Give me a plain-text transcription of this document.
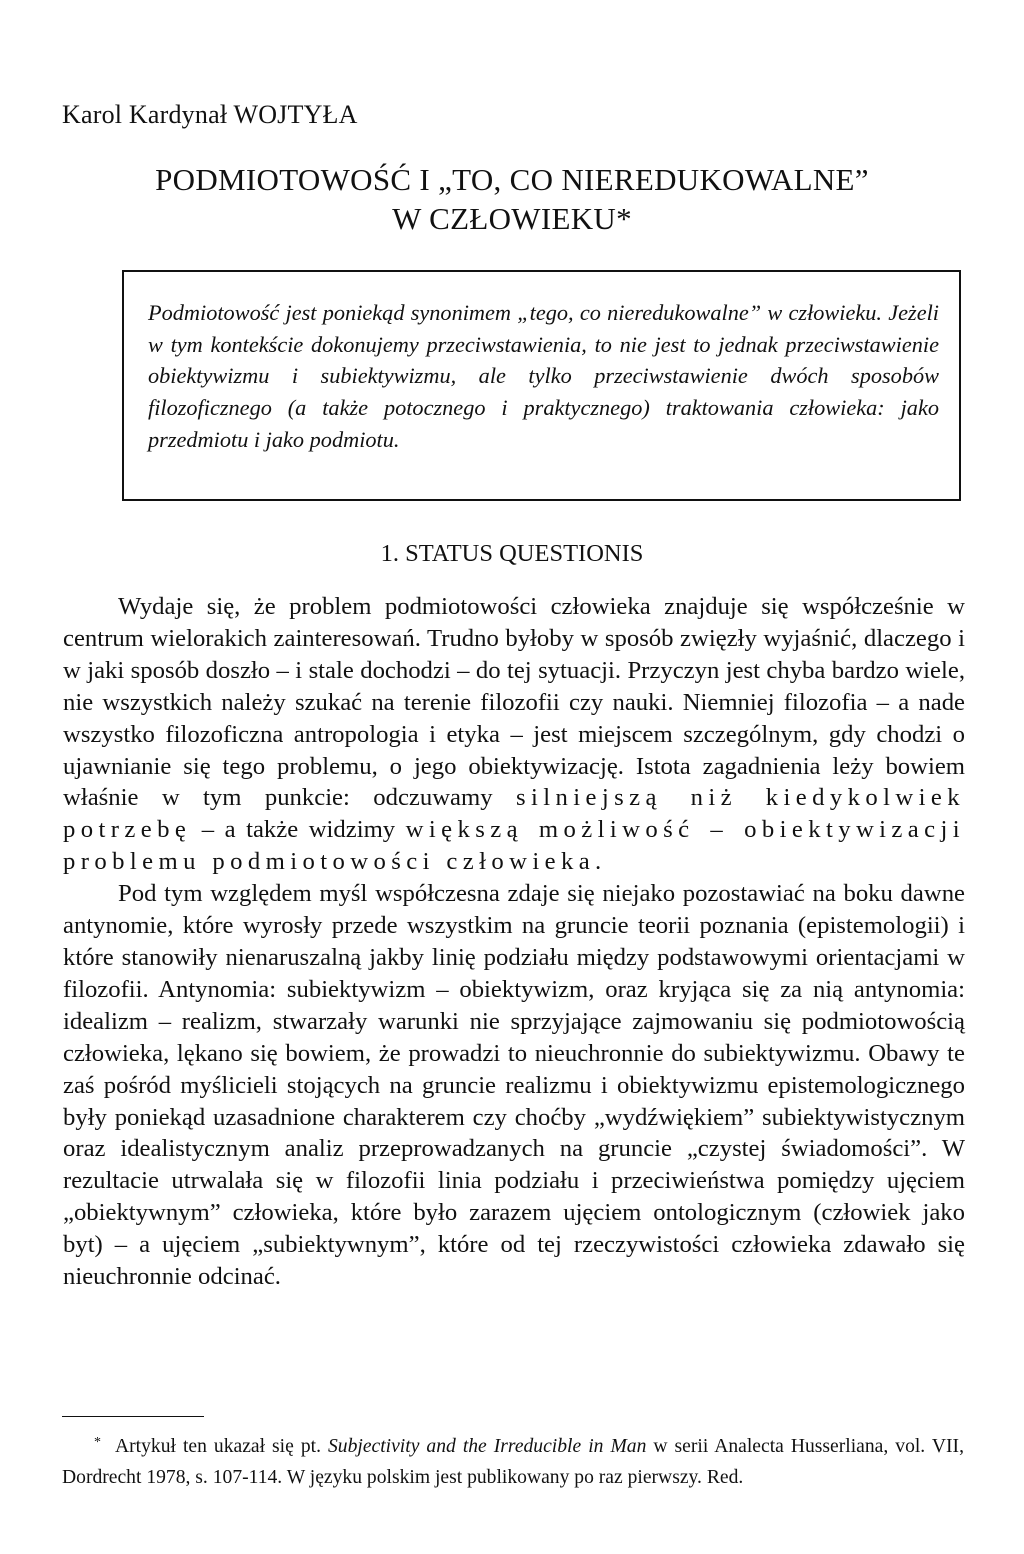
Karol Kardynał WOJTYŁA
PODMIOTOWOŚĆ I „TO, CO NIEREDUKOWALNE”
W CZŁOWIEKU*

Podmiotowość jest poniekąd synonimem „tego, co nieredukowalne” w człowieku. Jeżeli w tym kontekście dokonujemy przeciwstawienia, to nie jest to jednak przeciwstawienie obiektywizmu i subiektywizmu, ale tylko przeciwstawienie dwóch sposobów filozoficznego (a także potocznego i praktycznego) traktowania człowieka: jako przedmiotu i jako podmiotu.

1. STATUS QUESTIONIS

Wydaje się, że problem podmiotowości człowieka znajduje się współcześnie w centrum wielorakich zainteresowań. Trudno byłoby w sposób zwięzły wyjaśnić, dlaczego i w jaki sposób doszło – i stale dochodzi – do tej sytuacji. Przyczyn jest chyba bardzo wiele, nie wszystkich należy szukać na terenie filozofii czy nauki. Niemniej filozofia – a nade wszystko filozoficzna antropologia i etyka – jest miejscem szczególnym, gdy chodzi o ujawnianie się tego problemu, o jego obiektywizację. Istota zagadnienia leży bowiem właśnie w tym punkcie: odczuwamy silniejszą niż kiedykolwiek potrzebę – a także widzimy większą możliwość – obiektywizacji problemu podmiotowości człowieka.

Pod tym względem myśl współczesna zdaje się niejako pozostawiać na boku dawne antynomie, które wyrosły przede wszystkim na gruncie teorii poznania (epistemologii) i które stanowiły nienaruszalną jakby linię podziału między podstawowymi orientacjami w filozofii. Antynomia: subiektywizm – obiektywizm, oraz kryjąca się za nią antynomia: idealizm – realizm, stwarzały warunki nie sprzyjające zajmowaniu się podmiotowością człowieka, lękano się bowiem, że prowadzi to nieuchronnie do subiektywizmu. Obawy te zaś pośród myślicieli stojących na gruncie realizmu i obiektywizmu epistemologicznego były poniekąd uzasadnione charakterem czy choćby „wydźwiękiem” subiektywistycznym oraz idealistycznym analiz przeprowadzanych na gruncie „czystej świadomości”. W rezultacie utrwalała się w filozofii linia podziału i przeciwieństwa pomiędzy ujęciem „obiektywnym” człowieka, które było zarazem ujęciem ontologicznym (człowiek jako byt) – a ujęciem „subiektywnym”, które od tej rzeczywistości człowieka zdawało się nieuchronnie odcinać.

* Artykuł ten ukazał się pt. Subjectivity and the Irreducible in Man w serii Analecta Husserliana, vol. VII, Dordrecht 1978, s. 107-114. W języku polskim jest publikowany po raz pierwszy. Red.
